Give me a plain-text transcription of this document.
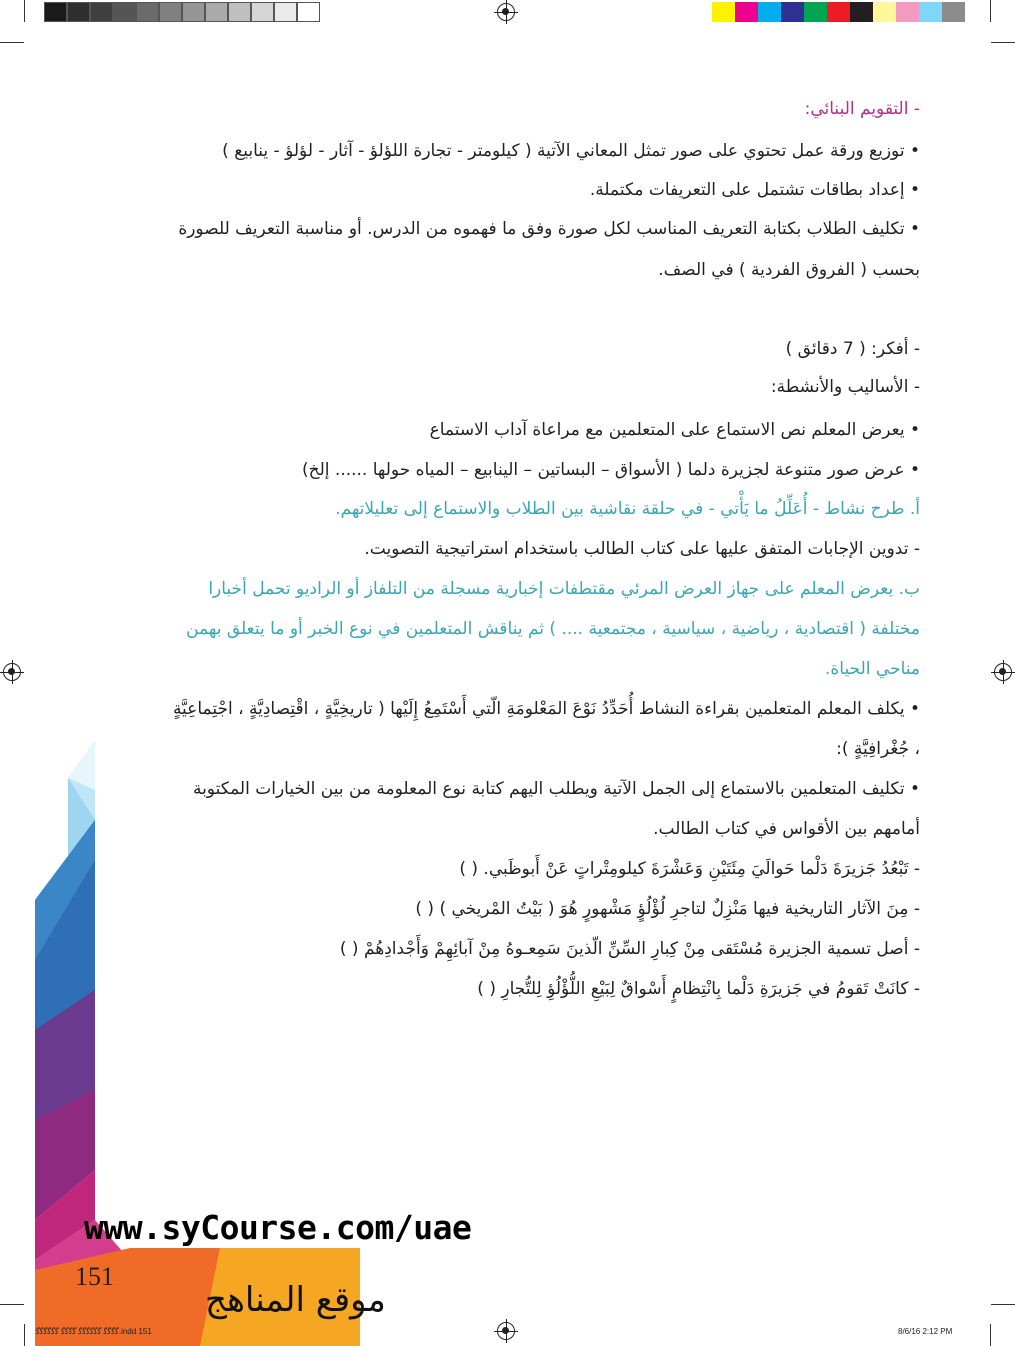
- التقويم البنائي:
• توزيع ورقة عمل تحتوي على صور تمثل المعاني الآتية ( كيلومتر - تجارة اللؤلؤ - آثار - لؤلؤ - ينابيع )
• إعداد بطاقات تشتمل على التعريفات مكتملة.
• تكليف الطلاب بكتابة التعريف المناسب لكل صورة وفق ما فهموه من الدرس. أو مناسبة التعريف للصورة
بحسب ( الفروق الفردية ) في الصف.
- أفكر: ( 7 دقائق )
- الأساليب والأنشطة:
• يعرض المعلم نص الاستماع على المتعلمين مع مراعاة آداب الاستماع
• عرض صور متنوعة لجزيرة دلما ( الأسواق – البساتين – الينابيع – المياه حولها ...... إلخ)
أ. طرح نشاط - أُعَلِّلُ ما يَأْتي - في حلقة نقاشية بين الطلاب والاستماع إلى تعليلاتهم.
- تدوين الإجابات المتفق عليها على كتاب الطالب باستخدام استراتيجية التصويت.
ب. يعرض المعلم على جهاز العرض المرئي مقتطفات إخبارية مسجلة من التلفاز أو الراديو تحمل أخبارا
مختلفة ( اقتصادية ، رياضية ، سياسية ، مجتمعية .... ) ثم يناقش المتعلمين في نوع الخبر أو ما يتعلق بهمن
مناحي الحياة.
• يكلف المعلم المتعلمين بقراءة النشاط أُحَدِّدُ نَوْعَ المَعْلومَةِ الّتي أَسْتَمِعُ إِلَيْها ( تاريخِيَّةٍ ، اقْتِصادِيَّةٍ ، اجْتِماعِيَّةٍ
، جُغْرافِيَّةٍ ):
• تكليف المتعلمين بالاستماع إلى الجمل الآتية ويطلب اليهم كتابة نوع المعلومة من بين الخيارات المكتوبة
أمامهم بين الأقواس في كتاب الطالب.
- تَبْعُدُ جَزيرَةَ دَلْما حَوالَيَ مِئَتَيْنِ وَعَشْرَةَ كيلومِتْراتٍ عَنْ أَبوظَبي. ( )
- مِنَ الآثار التاريخية فيها مَنْزِلٌ لتاجرِ لُؤْلُؤٍ مَشْهورٍ هُوَ ( بَيْتُ المْريخي ) ( )
- أصل تسمية الجزيرة مُسْتَقى مِنْ كِبارِ السِّنِّ الّذينَ سَمِعـوهُ مِنْ آبائِهِمْ وَأَجْدادِهُمْ ( )
- كانَتْ تَقومُ في جَزيرَةِ دَلْما بِانْتِظامٍ أَسْواقٌ لِبَيْعِ اللُّؤْلُؤِ لِلتُّجارِ ( )
www.syCourse.com/uae
151
موقع المناهج
ﮔﮔﮔﮔ ﮔﮔﮔﮔﮔﮔ ﮔﮔﮔﮔ ﮔﮔﮔﮔﮔﮔ.indd 151	8/6/16 2:12 PM
